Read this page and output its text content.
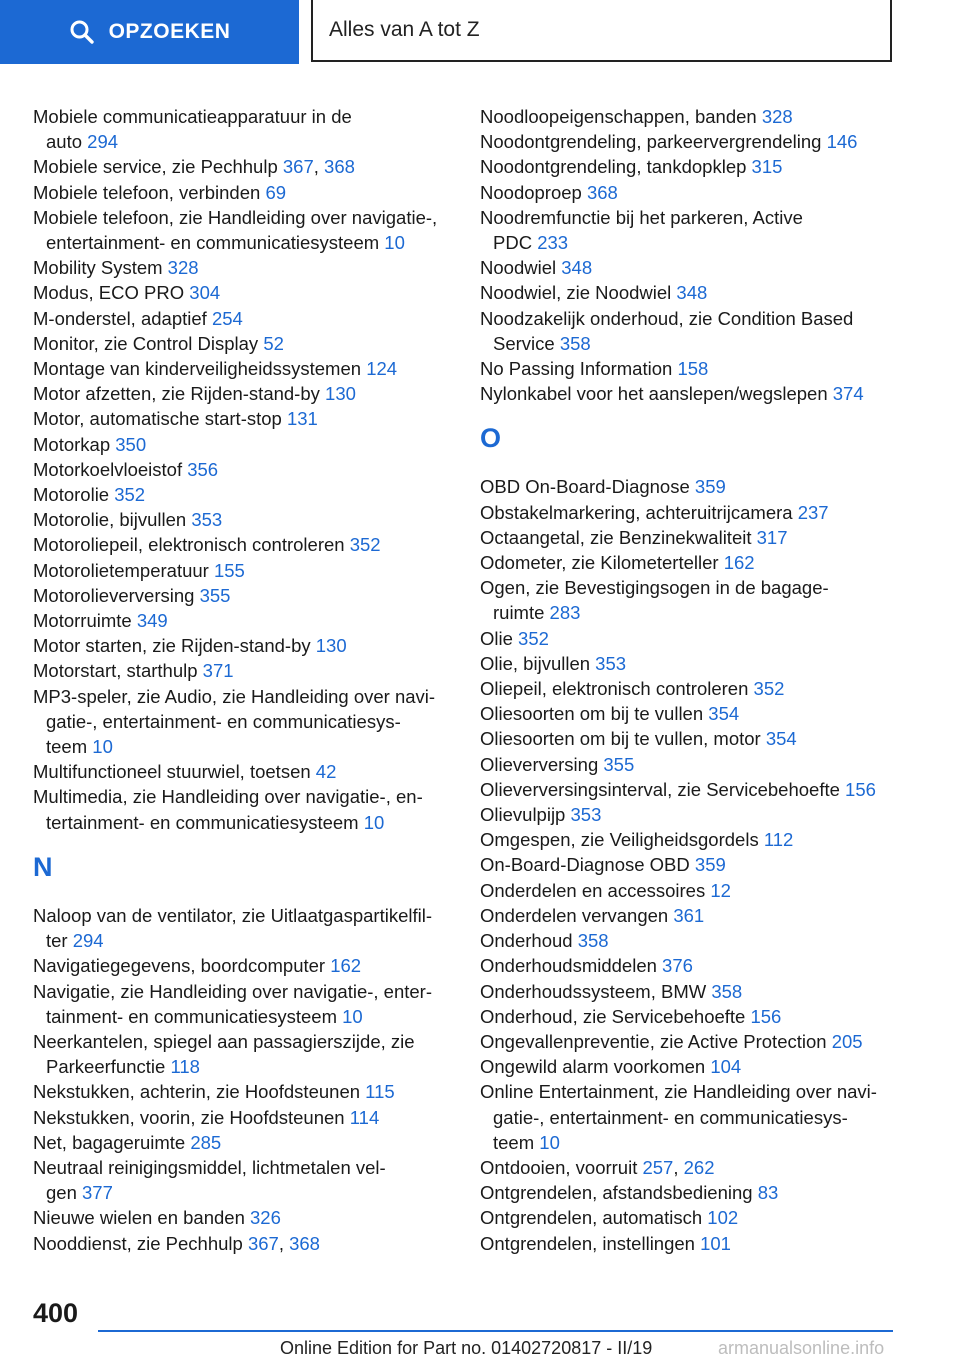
OPZOEKEN	Alles van A tot Z
Mobiele communicatieapparatuur in de
auto 294
Mobiele service, zie Pechhulp 367, 368
Mobiele telefoon, verbinden 69
Mobiele telefoon, zie Handleiding over navigatie-,
entertainment- en communicatiesysteem 10
Mobility System 328
Modus, ECO PRO 304
M-onderstel, adaptief 254
Monitor, zie Control Display 52
Montage van kinderveiligheidssystemen 124
Motor afzetten, zie Rijden-stand-by 130
Motor, automatische start-stop 131
Motorkap 350
Motorkoelvloeistof 356
Motorolie 352
Motorolie, bijvullen 353
Motoroliepeil, elektronisch controleren 352
Motorolietemperatuur 155
Motorolieverversing 355
Motorruimte 349
Motor starten, zie Rijden-stand-by 130
Motorstart, starthulp 371
MP3-speler, zie Audio, zie Handleiding over navi-
gatie-, entertainment- en communicatiesys-
teem 10
Multifunctioneel stuurwiel, toetsen 42
Multimedia, zie Handleiding over navigatie-, en-
tertainment- en communicatiesysteem 10
N
Naloop van de ventilator, zie Uitlaatgaspartikelfil-
ter 294
Navigatiegegevens, boordcomputer 162
Navigatie, zie Handleiding over navigatie-, enter-
tainment- en communicatiesysteem 10
Neerkantelen, spiegel aan passagierszijde, zie
Parkeerfunctie 118
Nekstukken, achterin, zie Hoofdsteunen 115
Nekstukken, voorin, zie Hoofdsteunen 114
Net, bagageruimte 285
Neutraal reinigingsmiddel, lichtmetalen vel-
gen 377
Nieuwe wielen en banden 326
Nooddienst, zie Pechhulp 367, 368
Noodloopeigenschappen, banden 328
Noodontgrendeling, parkeervergrendeling 146
Noodontgrendeling, tankdopklep 315
Noodoproep 368
Noodremfunctie bij het parkeren, Active
PDC 233
Noodwiel 348
Noodwiel, zie Noodwiel 348
Noodzakelijk onderhoud, zie Condition Based
Service 358
No Passing Information 158
Nylonkabel voor het aanslepen/wegslepen 374
O
OBD On-Board-Diagnose 359
Obstakelmarkering, achteruitrijcamera 237
Octaangetal, zie Benzinekwaliteit 317
Odometer, zie Kilometerteller 162
Ogen, zie Bevestigingsogen in de bagage-
ruimte 283
Olie 352
Olie, bijvullen 353
Oliepeil, elektronisch controleren 352
Oliesoorten om bij te vullen 354
Oliesoorten om bij te vullen, motor 354
Olieverversing 355
Olieverversingsinterval, zie Servicebehoefte 156
Olievulpijp 353
Omgespen, zie Veiligheidsgordels 112
On-Board-Diagnose OBD 359
Onderdelen en accessoires 12
Onderdelen vervangen 361
Onderhoud 358
Onderhoudsmiddelen 376
Onderhoudssysteem, BMW 358
Onderhoud, zie Servicebehoefte 156
Ongevallenpreventie, zie Active Protection 205
Ongewild alarm voorkomen 104
Online Entertainment, zie Handleiding over navi-
gatie-, entertainment- en communicatiesys-
teem 10
Ontdooien, voorruit 257, 262
Ontgrendelen, afstandsbediening 83
Ontgrendelen, automatisch 102
Ontgrendelen, instellingen 101
400
Online Edition for Part no. 01402720817 - II/19	armanualsonline.info
